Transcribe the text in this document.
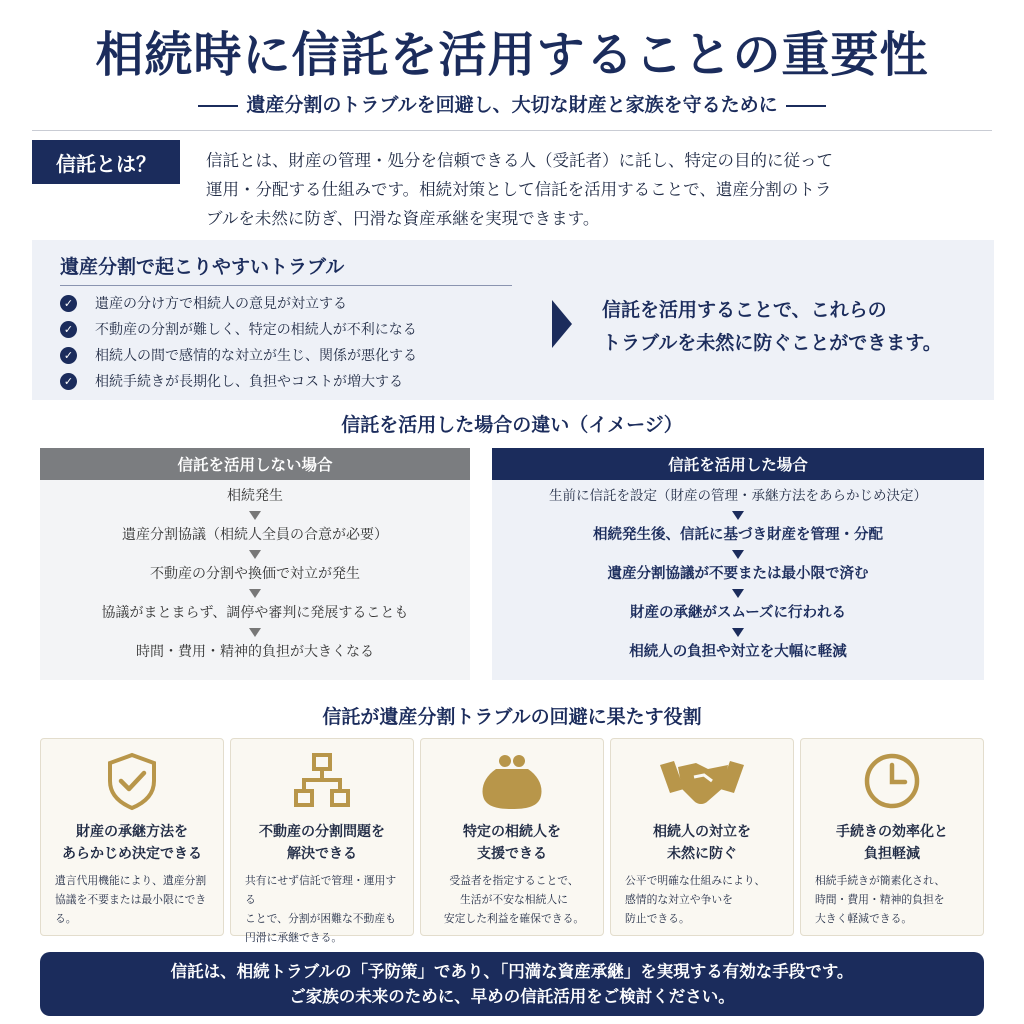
相続時に信託を活用することの重要性
遺産分割のトラブルを回避し、大切な財産と家族を守るために
信託とは？	信託とは、財産の管理・処分を信頼できる人（受託者）に託し、特定の目的に従って
運用・分配する仕組みです。相続対策として信託を活用することで、遺産分割のトラ
ブルを未然に防ぎ、円滑な資産承継を実現できます。
遺産分割で起こりやすいトラブル
✓ 遺産の分け方で相続人の意見が対立する
✓ 不動産の分割が難しく、特定の相続人が不利になる
✓ 相続人の間で感情的な対立が生じ、関係が悪化する
✓ 相続手続きが長期化し、負担やコストが増大する
信託を活用することで、これらの
トラブルを未然に防ぐことができます。
信託を活用した場合の違い（イメージ）
信託を活用しない場合
相続発生
遺産分割協議（相続人全員の合意が必要）
不動産の分割や換価で対立が発生
協議がまとまらず、調停や審判に発展することも
時間・費用・精神的負担が大きくなる
信託を活用した場合
生前に信託を設定（財産の管理・承継方法をあらかじめ決定）
相続発生後、信託に基づき財産を管理・分配
遺産分割協議が不要または最小限で済む
財産の承継がスムーズに行われる
相続人の負担や対立を大幅に軽減
信託が遺産分割トラブルの回避に果たす役割
財産の承継方法を
あらかじめ決定できる
遺言代用機能により、遺産分割
協議を不要または最小限にでき
る。
不動産の分割問題を
解決できる
共有にせず信託で管理・運用する
ことで、分割が困難な不動産も
円滑に承継できる。
特定の相続人を
支援できる
受益者を指定することで、
生活が不安な相続人に
安定した利益を確保できる。
相続人の対立を
未然に防ぐ
公平で明確な仕組みにより、
感情的な対立や争いを
防止できる。
手続きの効率化と
負担軽減
相続手続きが簡素化され、
時間・費用・精神的負担を
大きく軽減できる。
信託は、相続トラブルの「予防策」であり、「円満な資産承継」を実現する有効な手段です。
ご家族の未来のために、早めの信託活用をご検討ください。
